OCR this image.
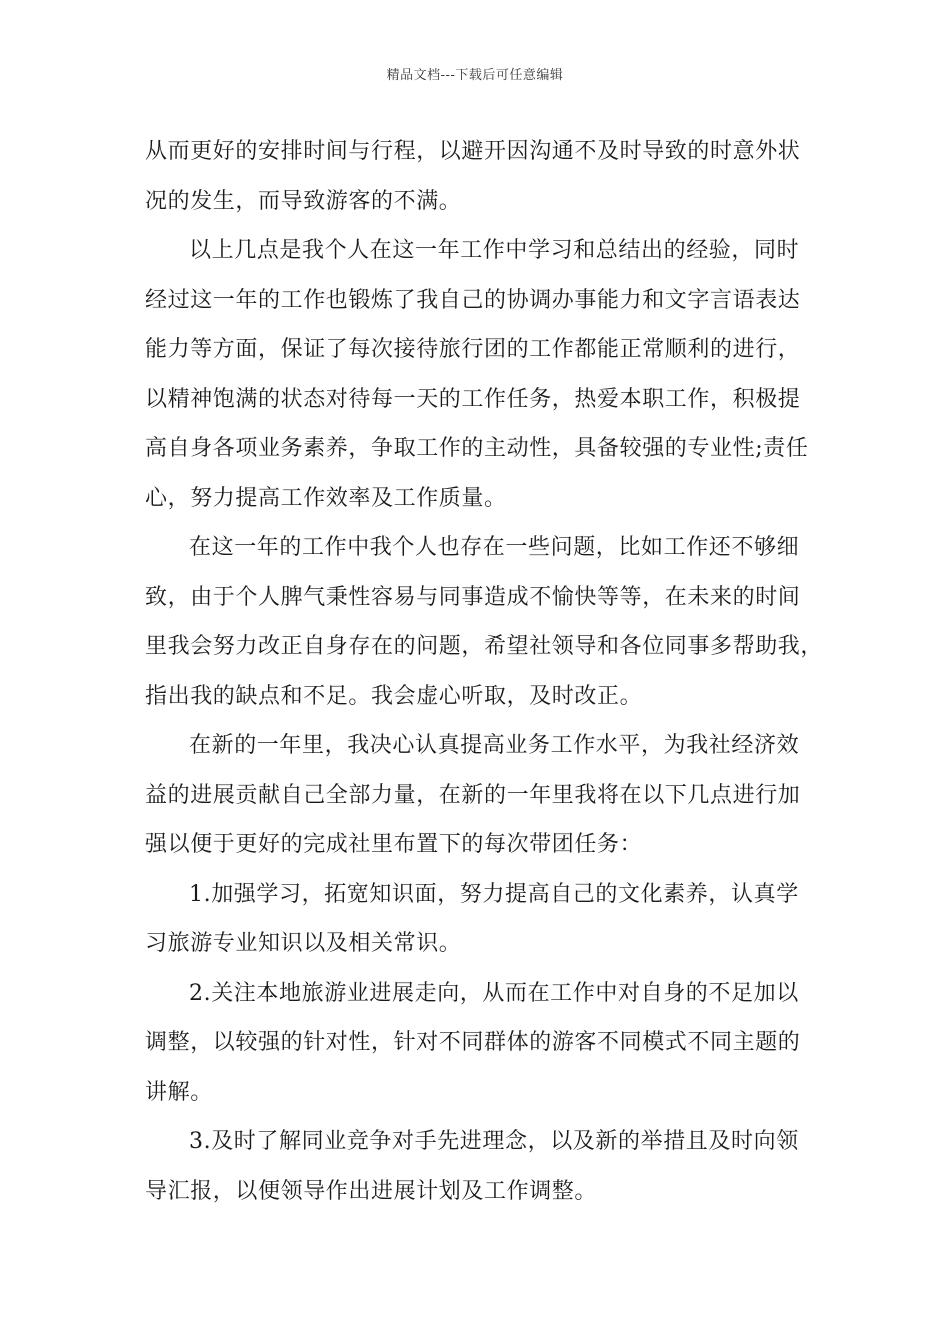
精品文档---下载后可任意编辑
从而更好的安排时间与行程，以避开因沟通不及时导致的时意外状
况的发生，而导致游客的不满。
以上几点是我个人在这一年工作中学习和总结出的经验，同时
经过这一年的工作也锻炼了我自己的协调办事能力和文字言语表达
能力等方面，保证了每次接待旅行团的工作都能正常顺利的进行，
以精神饱满的状态对待每一天的工作任务，热爱本职工作，积极提
高自身各项业务素养，争取工作的主动性，具备较强的专业性;责任
心，努力提高工作效率及工作质量。
在这一年的工作中我个人也存在一些问题，比如工作还不够细
致，由于个人脾气秉性容易与同事造成不愉快等等，在未来的时间
里我会努力改正自身存在的问题，希望社领导和各位同事多帮助我，
指出我的缺点和不足。我会虚心听取，及时改正。
在新的一年里，我决心认真提高业务工作水平，为我社经济效
益的进展贡献自己全部力量，在新的一年里我将在以下几点进行加
强以便于更好的完成社里布置下的每次带团任务：
1.加强学习，拓宽知识面，努力提高自己的文化素养，认真学
习旅游专业知识以及相关常识。
2.关注本地旅游业进展走向，从而在工作中对自身的不足加以
调整，以较强的针对性，针对不同群体的游客不同模式不同主题的
讲解。
3.及时了解同业竞争对手先进理念，以及新的举措且及时向领
导汇报，以便领导作出进展计划及工作调整。
